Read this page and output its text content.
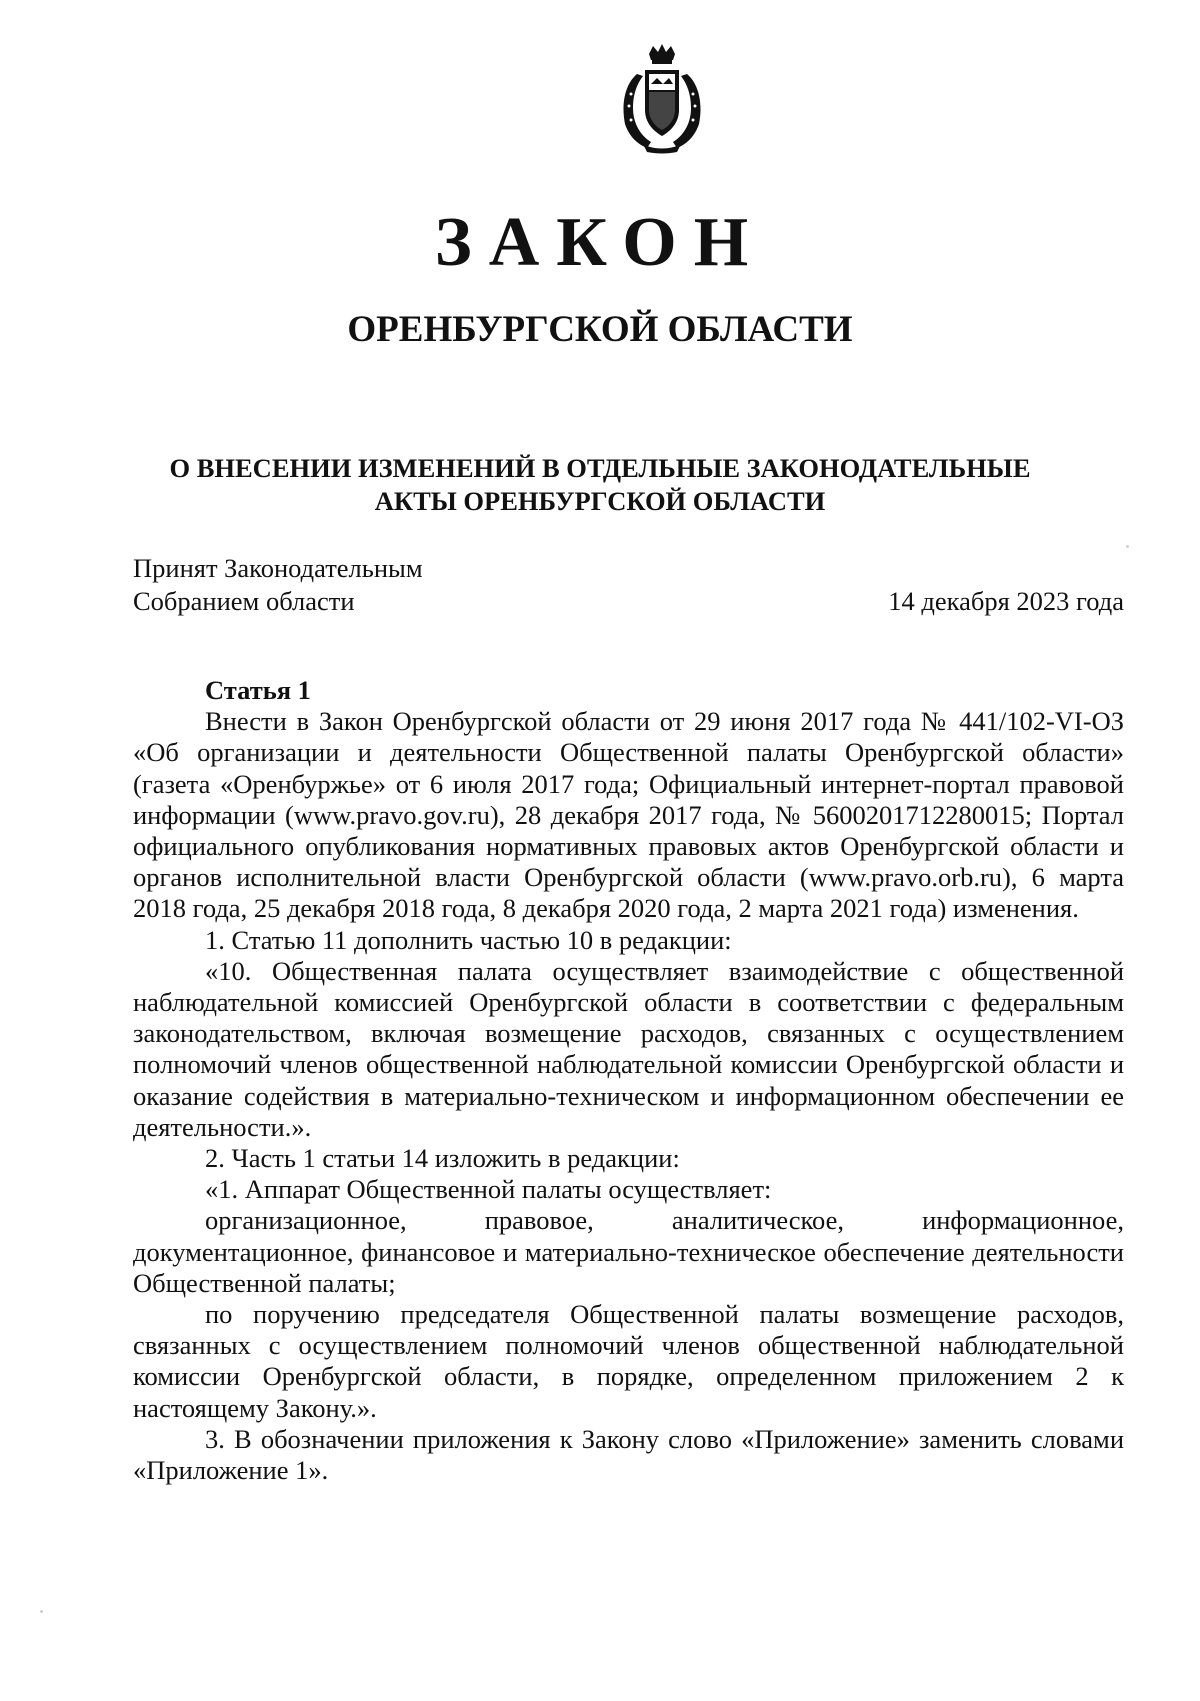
ЗАКОН
ОРЕНБУРГСКОЙ ОБЛАСТИ
О ВНЕСЕНИИ ИЗМЕНЕНИЙ В ОТДЕЛЬНЫЕ ЗАКОНОДАТЕЛЬНЫЕ
АКТЫ ОРЕНБУРГСКОЙ ОБЛАСТИ
Принят Законодательным
Собранием области	14 декабря 2023 года
Статья 1

Внести в Закон Оренбургской области от 29 июня 2017 года № 441/102-VI-ОЗ «Об организации и деятельности Общественной палаты Оренбургской области» (газета «Оренбуржье» от 6 июля 2017 года; Официальный интернет-портал правовой информации (www.pravo.gov.ru), 28 декабря 2017 года, № 5600201712280015; Портал официального опубликования нормативных правовых актов Оренбургской области и органов исполнительной власти Оренбургской области (www.pravo.orb.ru), 6 марта 2018 года, 25 декабря 2018 года, 8 декабря 2020 года, 2 марта 2021 года) изменения.

1. Статью 11 дополнить частью 10 в редакции:

«10. Общественная палата осуществляет взаимодействие с общественной наблюдательной комиссией Оренбургской области в соответствии с федеральным законодательством, включая возмещение расходов, связанных с осуществлением полномочий членов общественной наблюдательной комиссии Оренбургской области и оказание содействия в материально-техническом и информационном обеспечении ее деятельности.».

2. Часть 1 статьи 14 изложить в редакции:

«1. Аппарат Общественной палаты осуществляет:

организационное, правовое, аналитическое, информационное, документационное, финансовое и материально-техническое обеспечение деятельности Общественной палаты;

по поручению председателя Общественной палаты возмещение расходов, связанных с осуществлением полномочий членов общественной наблюдательной комиссии Оренбургской области, в порядке, определенном приложением 2 к настоящему Закону.».

3. В обозначении приложения к Закону слово «Приложение» заменить словами «Приложение 1».
